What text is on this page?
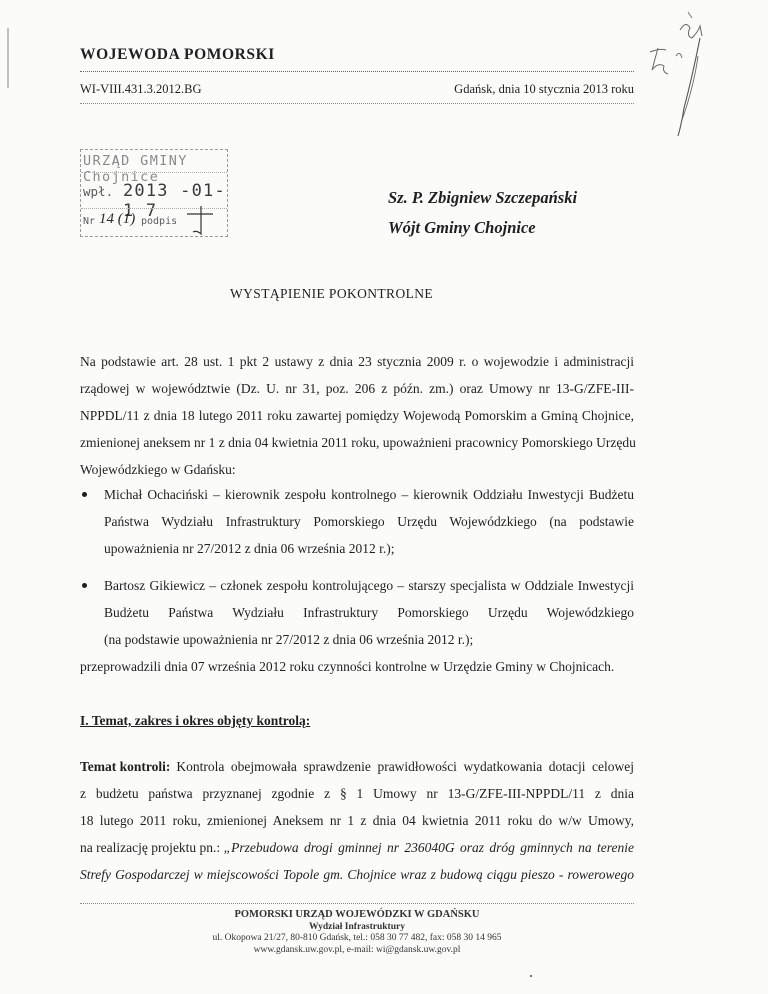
WOJEWODA POMORSKI
WI-VIII.431.3.2012.BG	Gdańsk, dnia 10 stycznia 2013 roku
URZĄD GMINY Chojnice
wpł. 2013 -01- 1 7
Nr 14 (1) podpis
Sz. P. Zbigniew Szczepański
Wójt Gminy Chojnice
WYSTĄPIENIE POKONTROLNE
Na podstawie art. 28 ust. 1 pkt 2 ustawy z dnia 23 stycznia 2009 r. o wojewodzie i administracji
rządowej w województwie (Dz. U. nr 31, poz. 206 z późn. zm.) oraz Umowy nr 13-G/ZFE-III-
NPPDL/11 z dnia 18 lutego 2011 roku zawartej pomiędzy Wojewodą Pomorskim a Gminą Chojnice,
zmienionej aneksem nr 1 z dnia 04 kwietnia 2011 roku, upoważnieni pracownicy Pomorskiego Urzędu
Wojewódzkiego w Gdańsku:
Michał Ochaciński – kierownik zespołu kontrolnego – kierownik Oddziału Inwestycji Budżetu
Państwa Wydziału Infrastruktury Pomorskiego Urzędu Wojewódzkiego (na podstawie
upoważnienia nr 27/2012 z dnia 06 września 2012 r.);
Bartosz Gikiewicz – członek zespołu kontrolującego – starszy specjalista w Oddziale Inwestycji
Budżetu Państwa Wydziału Infrastruktury Pomorskiego Urzędu Wojewódzkiego
(na podstawie upoważnienia nr 27/2012 z dnia 06 września 2012 r.);
przeprowadzili dnia 07 września 2012 roku czynności kontrolne w Urzędzie Gminy w Chojnicach.
I. Temat, zakres i okres objęty kontrolą:
Temat kontroli: Kontrola obejmowała sprawdzenie prawidłowości wydatkowania dotacji celowej
z budżetu państwa przyznanej zgodnie z § 1 Umowy nr 13-G/ZFE-III-NPPDL/11 z dnia
18 lutego 2011 roku, zmienionej Aneksem nr 1 z dnia 04 kwietnia 2011 roku do w/w Umowy,
na realizację projektu pn.: „Przebudowa drogi gminnej nr 236040G oraz dróg gminnych na terenie
Strefy Gospodarczej w miejscowości Topole gm. Chojnice wraz z budową ciągu pieszo - rowerowego
POMORSKI URZĄD WOJEWÓDZKI W GDAŃSKU
Wydział Infrastruktury
ul. Okopowa 21/27, 80-810 Gdańsk, tel.: 058 30 77 482, fax: 058 30 14 965
www.gdansk.uw.gov.pl, e-mail: wi@gdansk.uw.gov.pl
